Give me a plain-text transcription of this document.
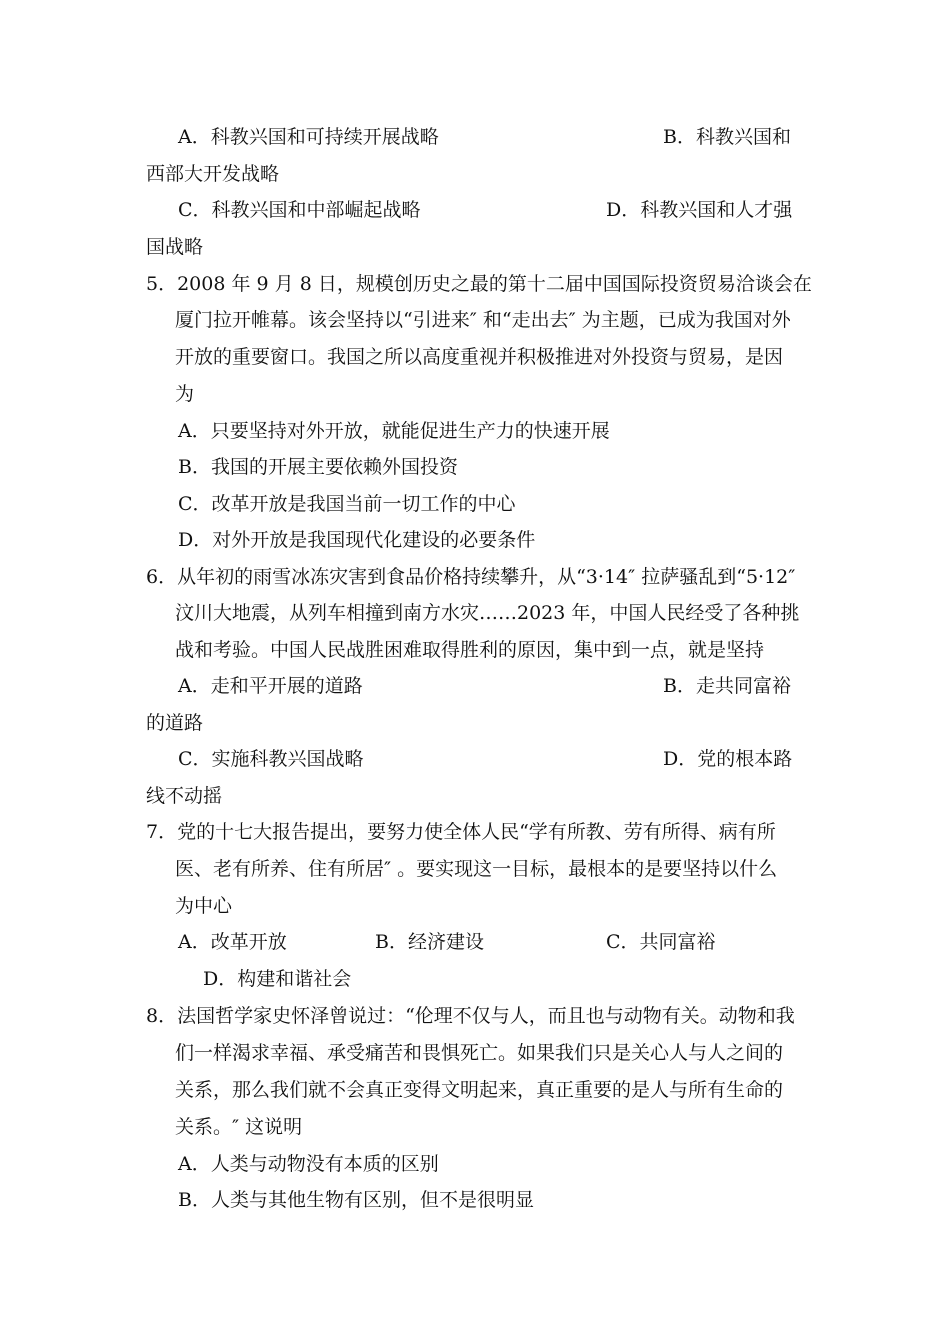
A．科教兴国和可持续开展战略	B．科教兴国和
西部大开发战略
C．科教兴国和中部崛起战略	D．科教兴国和人才强
国战略
5．2008 年 9 月 8 日，规模创历史之最的第十二届中国国际投资贸易洽谈会在
厦门拉开帷幕。该会坚持以“引进来″ 和“走出去″ 为主题，已成为我国对外
开放的重要窗口。我国之所以高度重视并积极推进对外投资与贸易，是因
为
A．只要坚持对外开放，就能促进生产力的快速开展
B．我国的开展主要依赖外国投资
C．改革开放是我国当前一切工作的中心
D．对外开放是我国现代化建设的必要条件
6．从年初的雨雪冰冻灾害到食品价格持续攀升，从“3·14″ 拉萨骚乱到“5·12″
汶川大地震，从列车相撞到南方水灾……2023 年，中国人民经受了各种挑
战和考验。中国人民战胜困难取得胜利的原因，集中到一点，就是坚持
A．走和平开展的道路	B．走共同富裕
的道路
C．实施科教兴国战略	D．党的根本路
线不动摇
7．党的十七大报告提出，要努力使全体人民“学有所教、劳有所得、病有所
医、老有所养、住有所居″ 。要实现这一目标，最根本的是要坚持以什么
为中心
A．改革开放	B．经济建设	C．共同富裕
D．构建和谐社会
8．法国哲学家史怀泽曾说过：“伦理不仅与人，而且也与动物有关。动物和我
们一样渴求幸福、承受痛苦和畏惧死亡。如果我们只是关心人与人之间的
关系，那么我们就不会真正变得文明起来，真正重要的是人与所有生命的
关系。″ 这说明
A．人类与动物没有本质的区别
B．人类与其他生物有区别，但不是很明显
